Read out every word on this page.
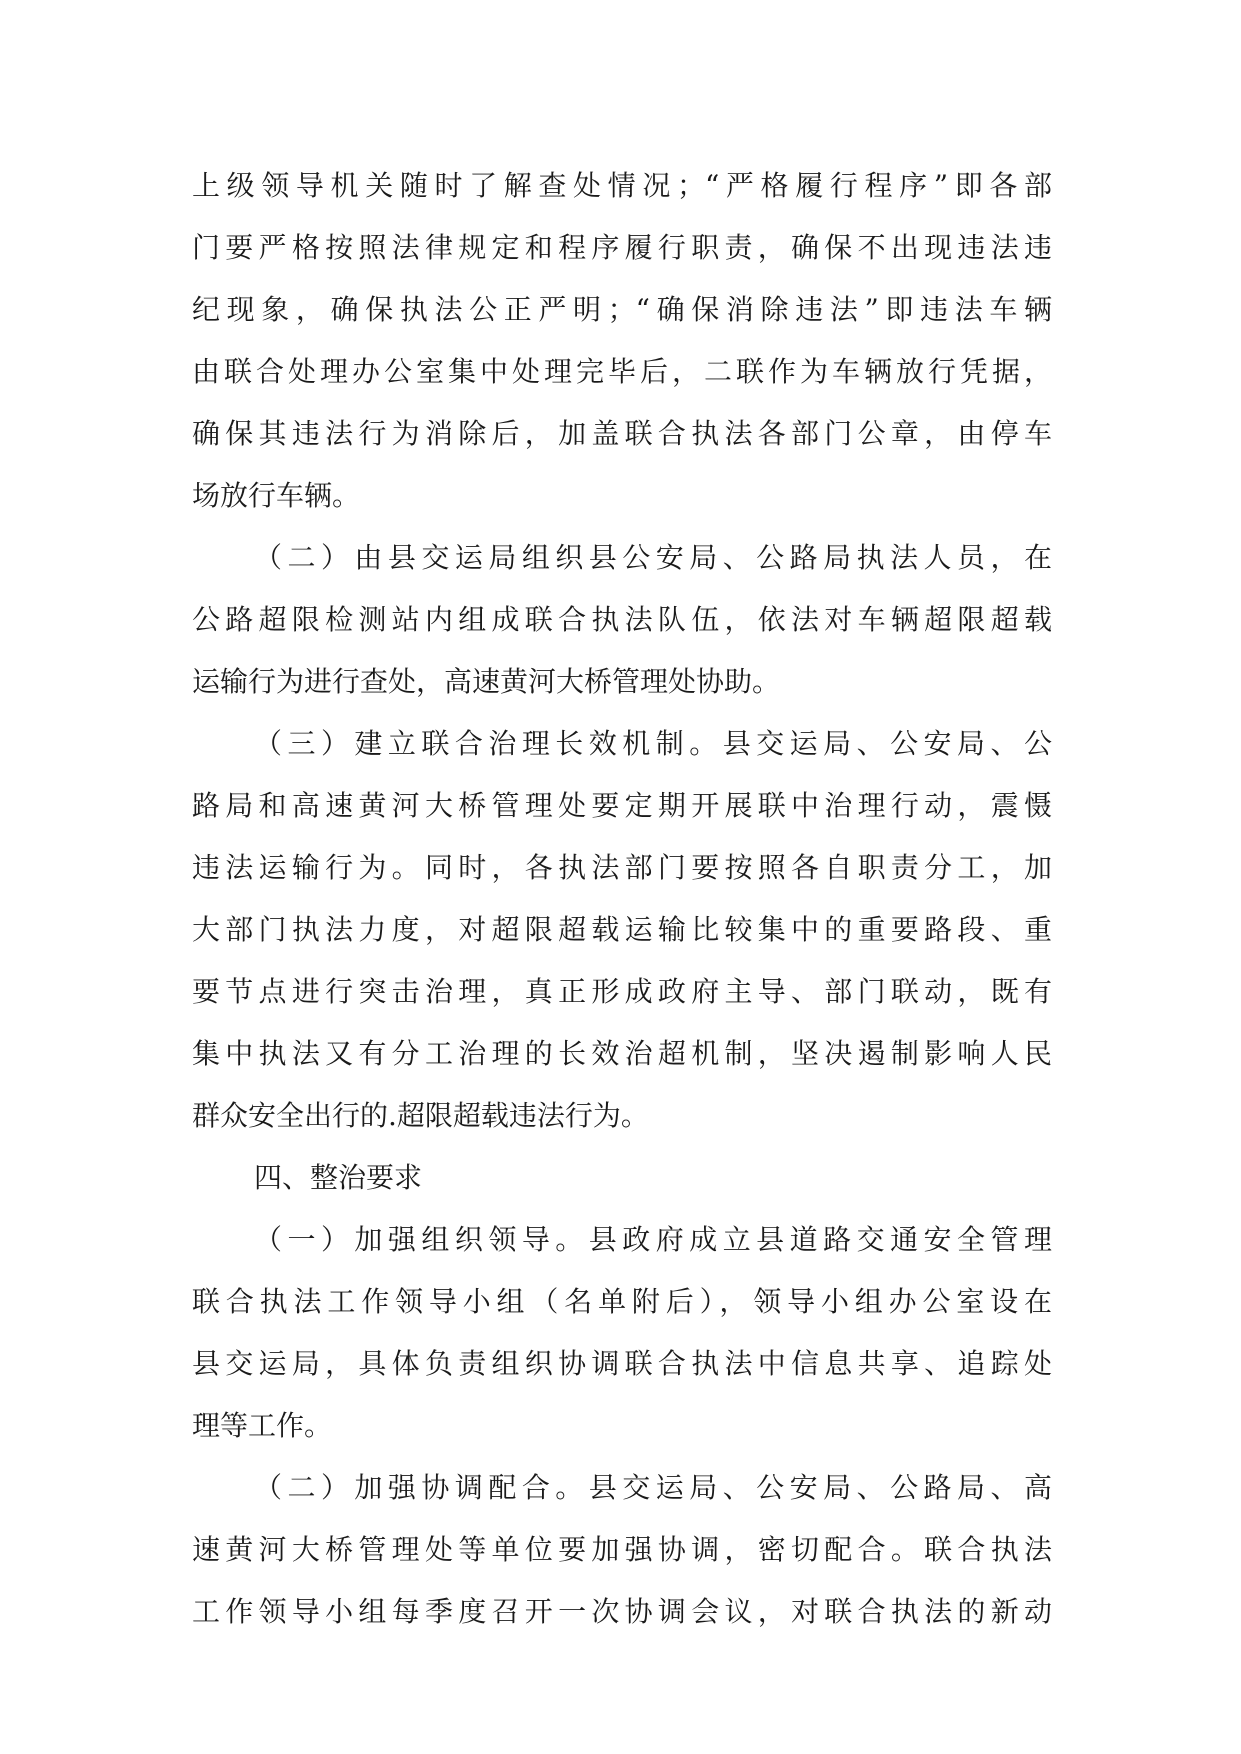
上级领导机关随时了解查处情况；“严格履行程序”即各部
门要严格按照法律规定和程序履行职责，确保不出现违法违
纪现象，确保执法公正严明；“确保消除违法”即违法车辆
由联合处理办公室集中处理完毕后，二联作为车辆放行凭据，
确保其违法行为消除后，加盖联合执法各部门公章，由停车
场放行车辆。
（二）由县交运局组织县公安局、公路局执法人员，在
公路超限检测站内组成联合执法队伍，依法对车辆超限超载
运输行为进行查处，高速黄河大桥管理处协助。
（三）建立联合治理长效机制。县交运局、公安局、公
路局和高速黄河大桥管理处要定期开展联中治理行动，震慑
违法运输行为。同时，各执法部门要按照各自职责分工，加
大部门执法力度，对超限超载运输比较集中的重要路段、重
要节点进行突击治理，真正形成政府主导、部门联动，既有
集中执法又有分工治理的长效治超机制，坚决遏制影响人民
群众安全出行的.超限超载违法行为。
四、整治要求
（一）加强组织领导。县政府成立县道路交通安全管理
联合执法工作领导小组（名单附后），领导小组办公室设在
县交运局，具体负责组织协调联合执法中信息共享、追踪处
理等工作。
（二）加强协调配合。县交运局、公安局、公路局、高
速黄河大桥管理处等单位要加强协调，密切配合。联合执法
工作领导小组每季度召开一次协调会议，对联合执法的新动
